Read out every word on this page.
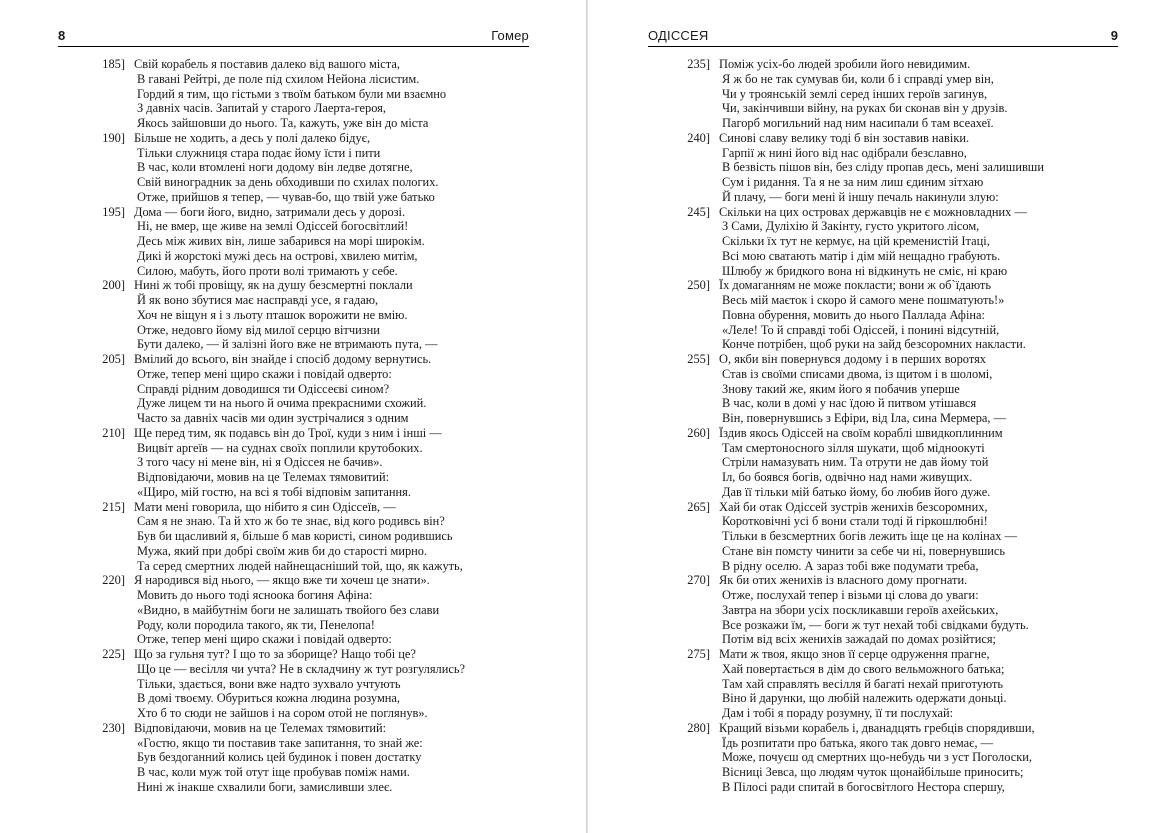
8	Гомер
185] Свій корабель я поставив далеко від вашого міста,
В гавані Рейтрі, де поле під схилом Нейона лісистим.
Гордий я тим, що гістьми з твоїм батьком були ми взаємно
З давніх часів. Запитай у старого Лаерта-героя,
Якось зайшовши до нього. Та, кажуть, уже він до міста
190] Більше не ходить, а десь у полі далеко бідує,
Тільки служниця стара подає йому їсти і пити
В час, коли втомлені ноги додому він ледве дотягне,
Свій виноградник за день обходивши по схилах пологих.
Отже, прийшов я тепер, — чував-бо, що твій уже батько
195] Дома — боги його, видно, затримали десь у дорозі.
Ні, не вмер, ще живе на землі Одіссей богосвітлий!
Десь між живих він, лише забарився на морі широкім.
Дикі й жорстокі мужі десь на острові, хвилею митім,
Силою, мабуть, його проти волі тримають у себе.
200] Нині ж тобі провіщу, як на душу безсмертні поклали
Й як воно збутися має насправді усе, я гадаю,
Хоч не віщун я і з льоту пташок ворожити не вмію.
Отже, недовго йому від милої серцю вітчизни
Бути далеко, — й залізні його вже не втримають пута, —
205] Вмілий до всього, він знайде і спосіб додому вернутись.
Отже, тепер мені щиро скажи і повідай одверто:
Справді рідним доводишся ти Одіссеєві сином?
Дуже лицем ти на нього й очима прекрасними схожий.
Часто за давніх часів ми один зустрічалися з одним
210] Ще перед тим, як подавсь він до Трої, куди з ним і інші —
Вицвіт аргеїв — на суднах своїх поплили крутобоких.
З того часу ні мене він, ні я Одіссея не бачив».
Відповідаючи, мовив на це Телемах тямовитий:
«Щиро, мій гостю, на всі я тобі відповім запитання.
215] Мати мені говорила, що нібито я син Одіссеїв, —
Сам я не знаю. Та й хто ж бо те знає, від кого родивсь він?
Був би щасливий я, більше б мав користі, сином родившись
Мужа, який при добрі своїм жив би до старості мирно.
Та серед смертних людей найнещасніший той, що, як кажуть,
220] Я народився від нього, — якщо вже ти хочеш це знати».
Мовить до нього тоді ясноока богиня Афіна:
«Видно, в майбутнім боги не залишать твойого без слави
Роду, коли породила такого, як ти, Пенелопа!
Отже, тепер мені щиро скажи і повідай одверто:
225] Що за гульня тут? І що то за зборище? Нащо тобі це?
Що це — весілля чи учта? Не в складчину ж тут розгулялись?
Тільки, здається, вони вже надто зухвало учтують
В домі твоєму. Обуриться кожна людина розумна,
Хто б то сюди не зайшов і на сором отой не поглянув».
230] Відповідаючи, мовив на це Телемах тямовитий:
«Гостю, якщо ти поставив таке запитання, то знай же:
Був бездоганний колись цей будинок і повен достатку
В час, коли муж той отут іще пробував поміж нами.
Нині ж інакше схвалили боги, замисливши злеє.
ОДІССЕЯ	9
235] Поміж усіх-бо людей зробили його невидимим.
Я ж бо не так сумував би, коли б і справді умер він,
Чи у троянській землі серед інших героїв загинув,
Чи, закінчивши війну, на руках би сконав він у друзів.
Пагорб могильний над ним насипали б там всеахеї.
240] Синові славу велику тоді б він зоставив навіки.
Гарпії ж нині його від нас одібрали безславно,
В безвість пішов він, без сліду пропав десь, мені залишивши
Сум і ридання. Та я не за ним лиш єдиним зітхаю
Й плачу, — боги мені й іншу печаль накинули злую:
245] Скільки на цих островах державців не є можновладних —
З Сами, Дуліхію й Закінту, густо укритого лісом,
Скільки їх тут не кермує, на цій кременистій Ітаці,
Всі мою сватають матір і дім мій нещадно грабують.
Шлюбу ж бридкого вона ні відкинуть не сміє, ні краю
250] Їх домаганням не може покласти; вони ж об`їдають
Весь мій маєток і скоро й самого мене пошматують!»
Повна обурення, мовить до нього Паллада Афіна:
«Леле! То й справді тобі Одіссей, і понині відсутній,
Конче потрібен, щоб руки на зайд безсоромних накласти.
255] О, якби він повернувся додому і в перших воротях
Став із своїми списами двома, із щитом і в шоломі,
Знову такий же, яким його я побачив уперше
В час, коли в домі у нас їдою й питвом утішався
Він, повернувшись з Ефіри, від Іла, сина Мермера, —
260] Їздив якось Одіссей на своїм кораблі швидкоплинним
Там смертоносного зілля шукати, щоб мідноокуті
Стріли намазувать ним. Та отрути не дав йому той
Іл, бо боявся богів, одвічно над нами живущих.
Дав її тільки мій батько йому, бо любив його дуже.
265] Хай би отак Одіссей зустрів женихів безсоромних,
Коротковічні усі б вони стали тоді й гіркошлюбні!
Тільки в безсмертних богів лежить іще це на колінах —
Стане він помсту чинити за себе чи ні, повернувшись
В рідну оселю. А зараз тобі вже подумати треба,
270] Як би отих женихів із власного дому прогнати.
Отже, послухай тепер і візьми ці слова до уваги:
Завтра на збори усіх поскликавши героїв ахейських,
Все розкажи їм, — боги ж тут нехай тобі свідками будуть.
Потім від всіх женихів зажадай по домах розійтися;
275] Мати ж твоя, якщо знов її серце одруження прагне,
Хай повертається в дім до свого вельможного батька;
Там хай справлять весілля й багаті нехай приготують
Віно й дарунки, що любій належить одержати доньці.
Дам і тобі я пораду розумну, її ти послухай:
280] Кращий візьми корабель і, дванадцять гребців спорядивши,
Їдь розпитати про батька, якого так довго немає, —
Може, почуєш од смертних що-небудь чи з уст Поголоски,
Вісниці Зевса, що людям чуток щонайбільше приносить;
В Пілосі ради спитай в богосвітлого Нестора спершу,
